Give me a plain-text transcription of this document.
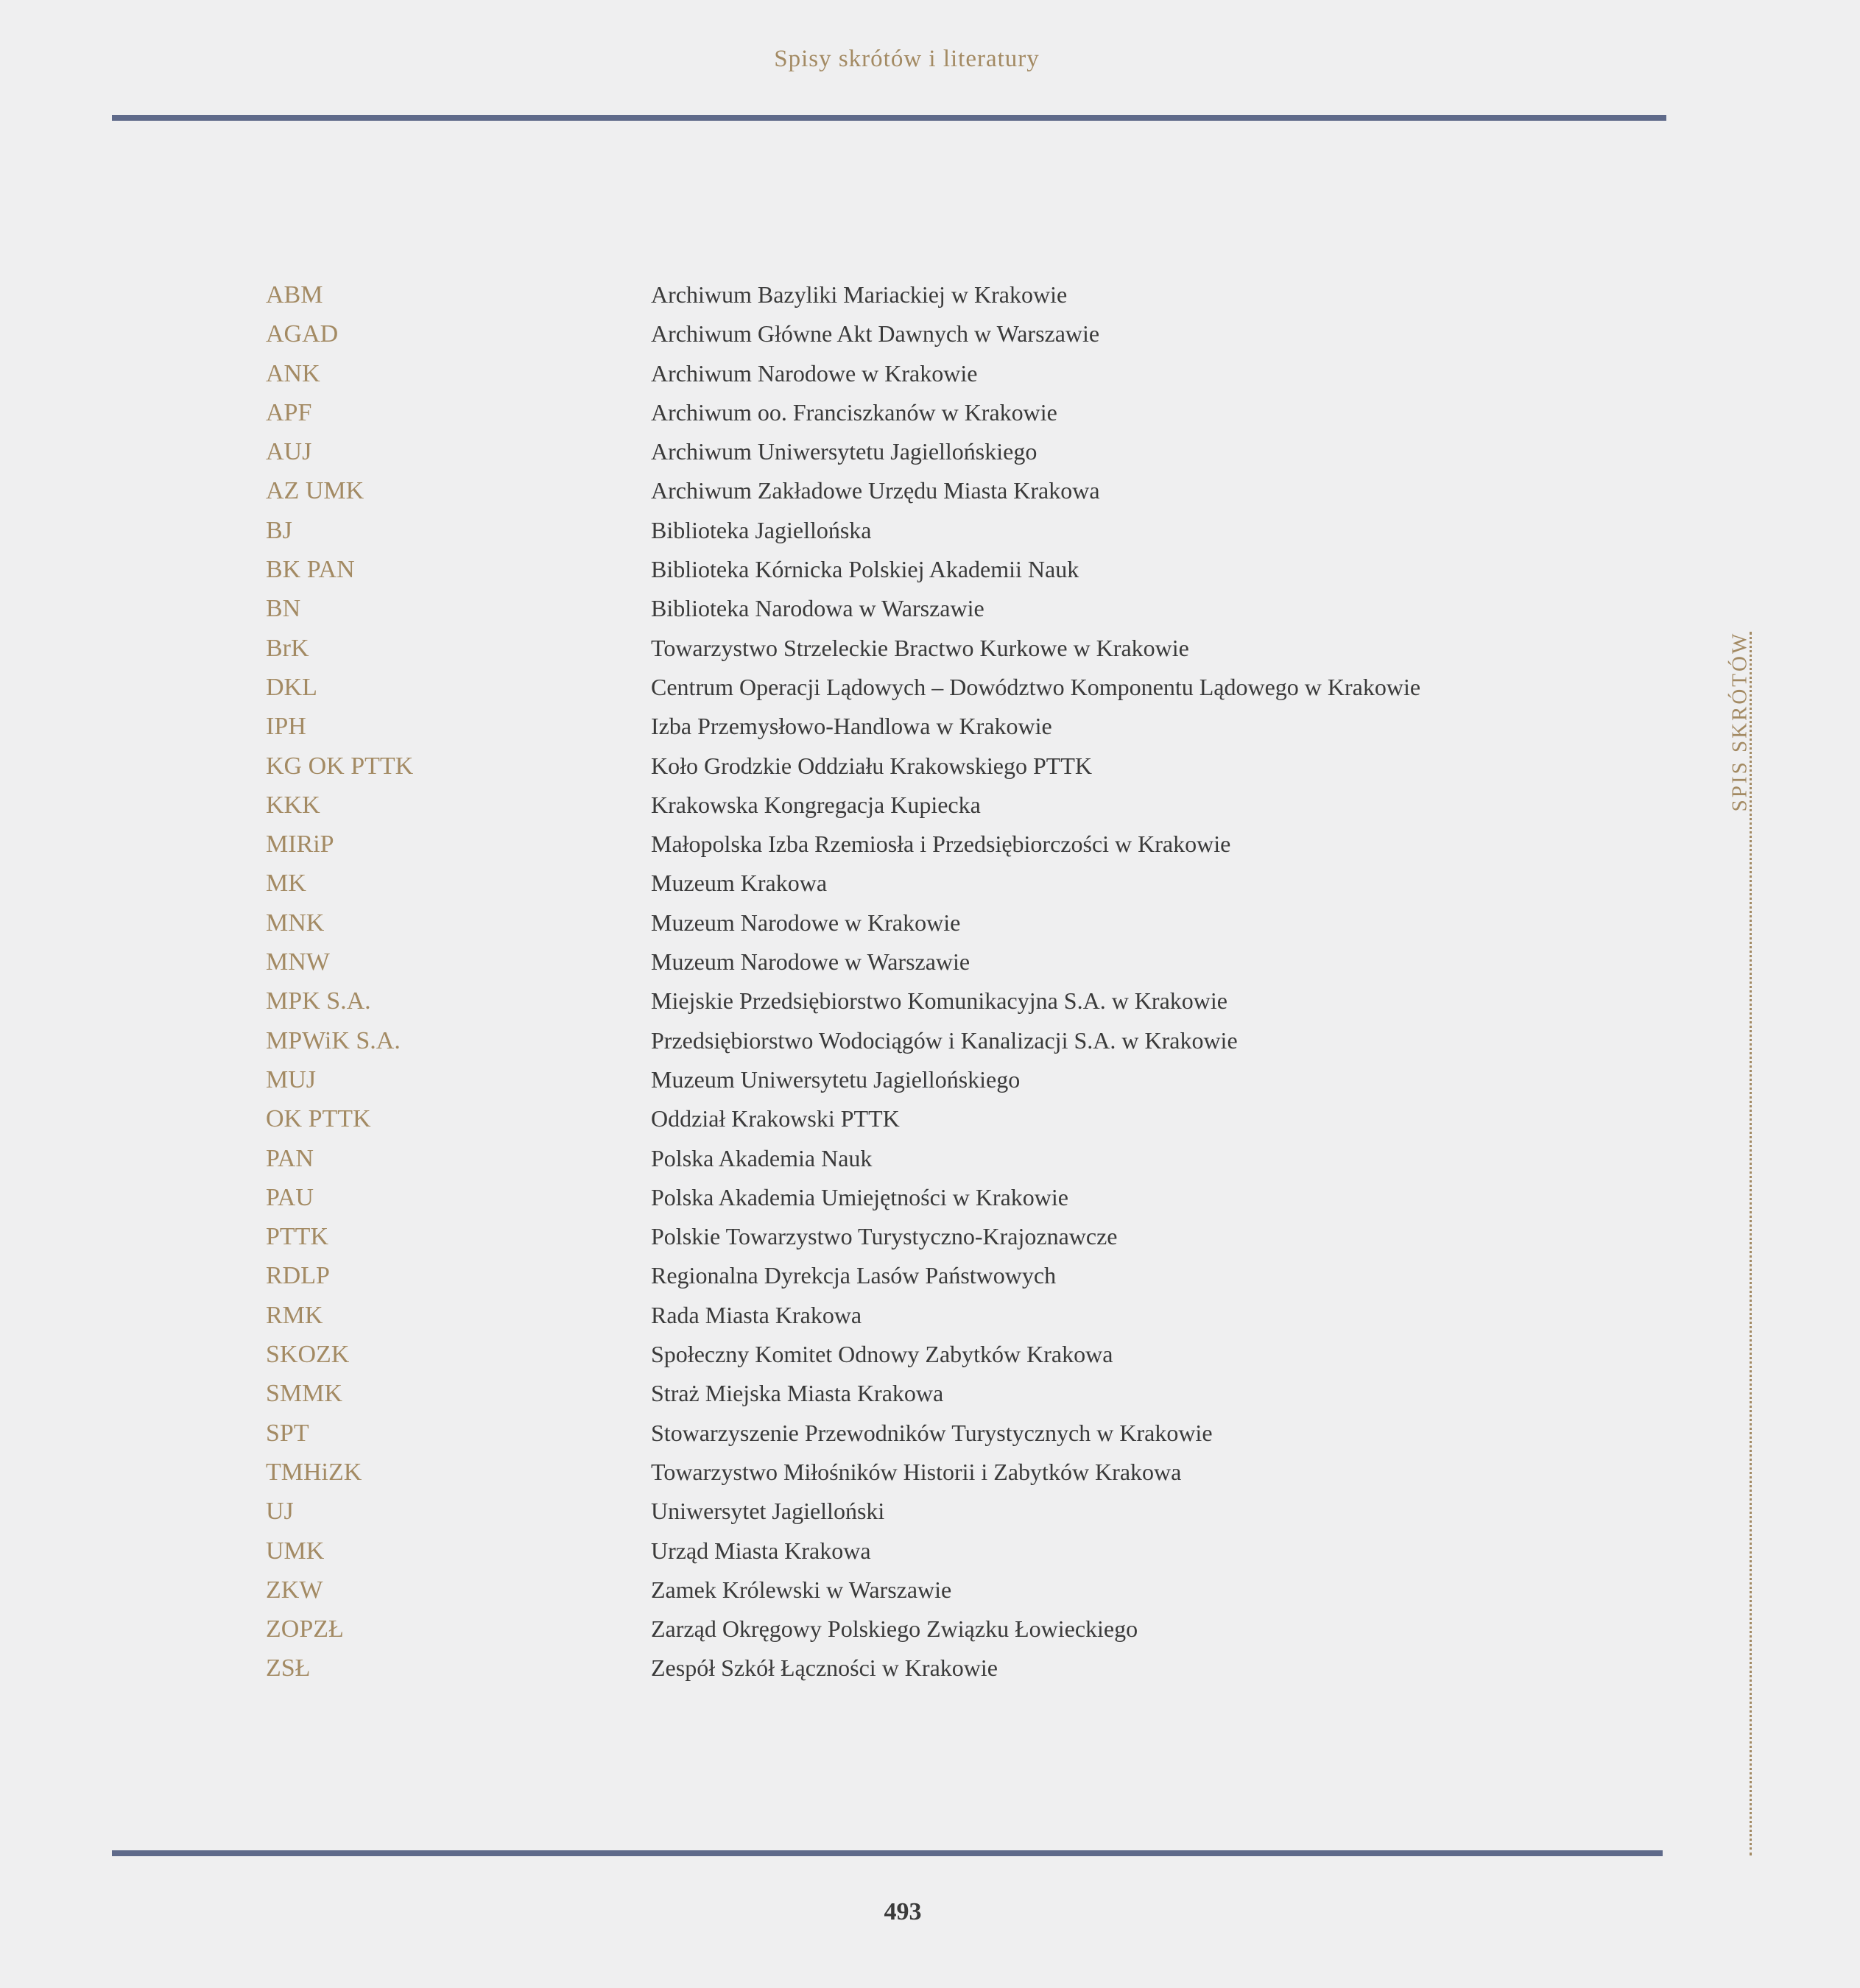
Spisy skrótów i literatury
ABM	Archiwum Bazyliki Mariackiej w Krakowie
AGAD	Archiwum Główne Akt Dawnych w Warszawie
ANK	Archiwum Narodowe w Krakowie
APF	Archiwum oo. Franciszkanów w Krakowie
AUJ	Archiwum Uniwersytetu Jagiellońskiego
AZ UMK	Archiwum Zakładowe Urzędu Miasta Krakowa
BJ	Biblioteka Jagiellońska
BK PAN	Biblioteka Kórnicka Polskiej Akademii Nauk
BN	Biblioteka Narodowa w Warszawie
BrK	Towarzystwo Strzeleckie Bractwo Kurkowe w Krakowie
DKL	Centrum Operacji Lądowych – Dowództwo Komponentu Lądowego w Krakowie
IPH	Izba Przemysłowo-Handlowa w Krakowie
KG OK PTTK	Koło Grodzkie Oddziału Krakowskiego PTTK
KKK	Krakowska Kongregacja Kupiecka
MIRiP	Małopolska Izba Rzemiosła i Przedsiębiorczości w Krakowie
MK	Muzeum Krakowa
MNK	Muzeum Narodowe w Krakowie
MNW	Muzeum Narodowe w Warszawie
MPK S.A.	Miejskie Przedsiębiorstwo Komunikacyjna S.A. w Krakowie
MPWiK S.A.	Przedsiębiorstwo Wodociągów i Kanalizacji S.A. w Krakowie
MUJ	Muzeum Uniwersytetu Jagiellońskiego
OK PTTK	Oddział Krakowski PTTK
PAN	Polska Akademia Nauk
PAU	Polska Akademia Umiejętności w Krakowie
PTTK	Polskie Towarzystwo Turystyczno-Krajoznawcze
RDLP	Regionalna Dyrekcja Lasów Państwowych
RMK	Rada Miasta Krakowa
SKOZK	Społeczny Komitet Odnowy Zabytków Krakowa
SMMK	Straż Miejska Miasta Krakowa
SPT	Stowarzyszenie Przewodników Turystycznych w Krakowie
TMHiZK	Towarzystwo Miłośników Historii i Zabytków Krakowa
UJ	Uniwersytet Jagielloński
UMK	Urząd Miasta Krakowa
ZKW	Zamek Królewski w Warszawie
ZOPZŁ	Zarząd Okręgowy Polskiego Związku Łowieckiego
ZSŁ	Zespół Szkół Łączności w Krakowie
SPIS SKRÓTÓW
493
